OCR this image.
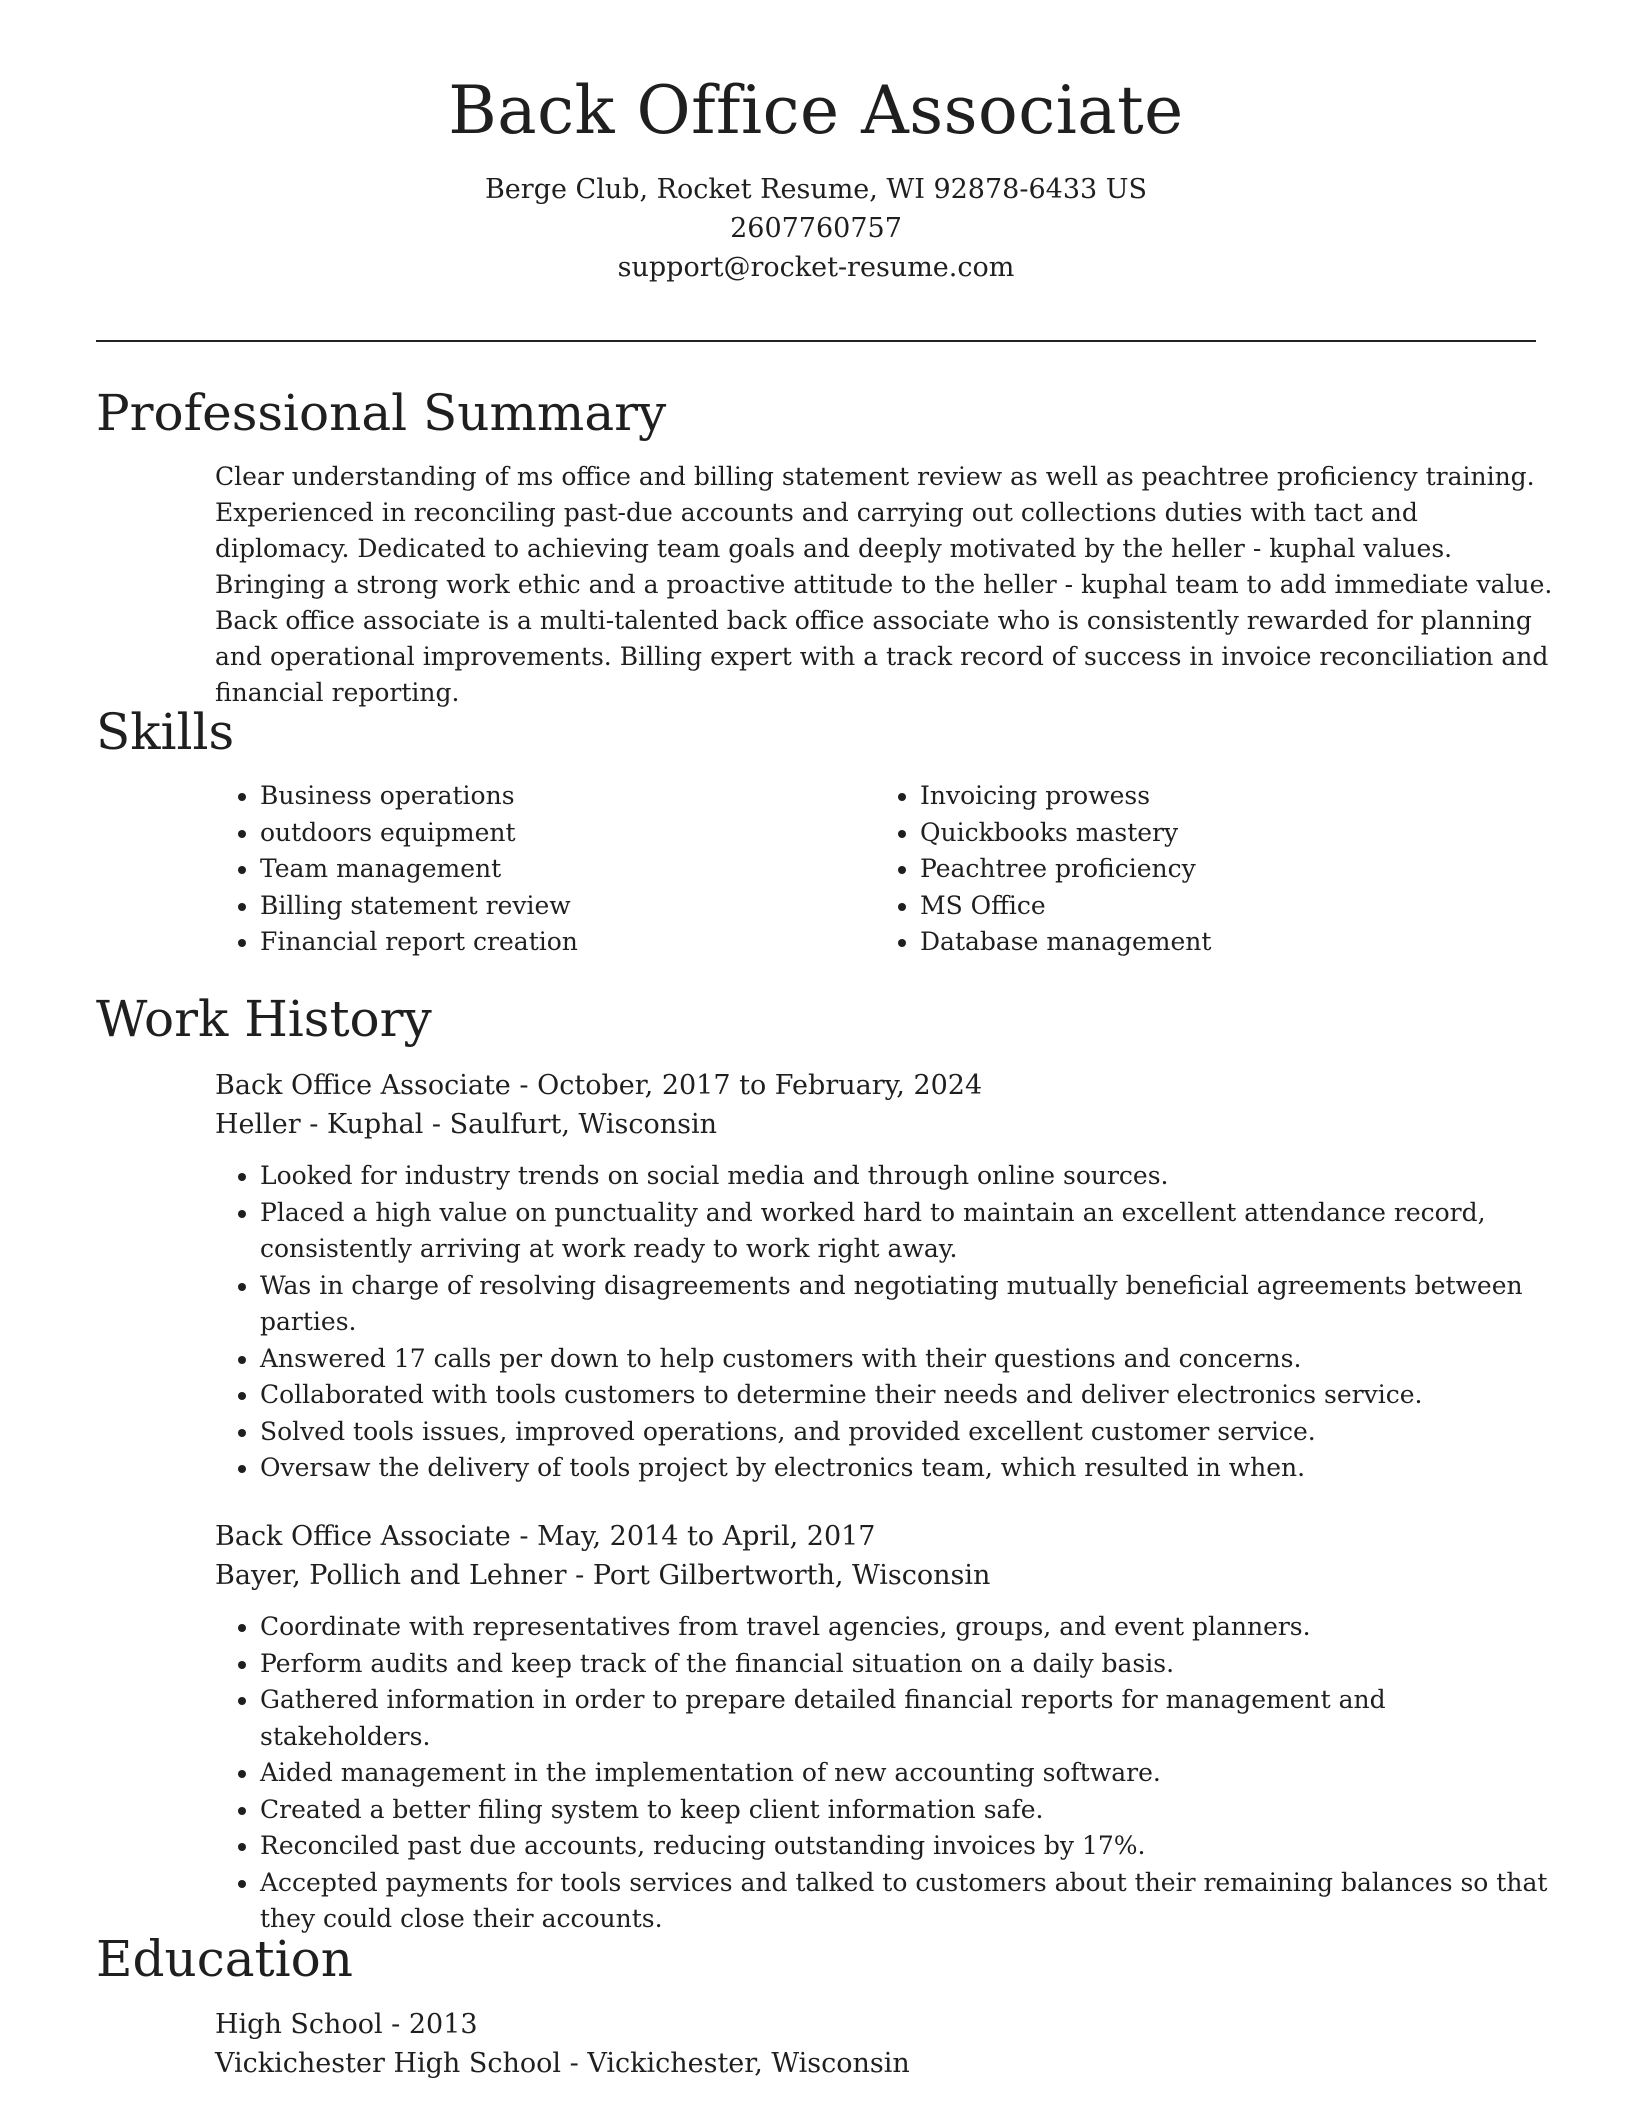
Back Office Associate
Berge Club, Rocket Resume, WI 92878-6433 US
2607760757
support@rocket-resume.com
Professional Summary
Clear understanding of ms office and billing statement review as well as peachtree proficiency training. Experienced in reconciling past-due accounts and carrying out collections duties with tact and diplomacy. Dedicated to achieving team goals and deeply motivated by the heller - kuphal values. Bringing a strong work ethic and a proactive attitude to the heller - kuphal team to add immediate value. Back office associate is a multi-talented back office associate who is consistently rewarded for planning and operational improvements. Billing expert with a track record of success in invoice reconciliation and financial reporting.
Skills
• Business operations
• outdoors equipment
• Team management
• Billing statement review
• Financial report creation
• Invoicing prowess
• Quickbooks mastery
• Peachtree proficiency
• MS Office
• Database management
Work History
Back Office Associate - October, 2017 to February, 2024
Heller - Kuphal - Saulfurt, Wisconsin
• Looked for industry trends on social media and through online sources.
• Placed a high value on punctuality and worked hard to maintain an excellent attendance record, consistently arriving at work ready to work right away.
• Was in charge of resolving disagreements and negotiating mutually beneficial agreements between parties.
• Answered 17 calls per down to help customers with their questions and concerns.
• Collaborated with tools customers to determine their needs and deliver electronics service.
• Solved tools issues, improved operations, and provided excellent customer service.
• Oversaw the delivery of tools project by electronics team, which resulted in when.
Back Office Associate - May, 2014 to April, 2017
Bayer, Pollich and Lehner - Port Gilbertworth, Wisconsin
• Coordinate with representatives from travel agencies, groups, and event planners.
• Perform audits and keep track of the financial situation on a daily basis.
• Gathered information in order to prepare detailed financial reports for management and stakeholders.
• Aided management in the implementation of new accounting software.
• Created a better filing system to keep client information safe.
• Reconciled past due accounts, reducing outstanding invoices by 17%.
• Accepted payments for tools services and talked to customers about their remaining balances so that they could close their accounts.
Education
High School - 2013
Vickichester High School - Vickichester, Wisconsin
